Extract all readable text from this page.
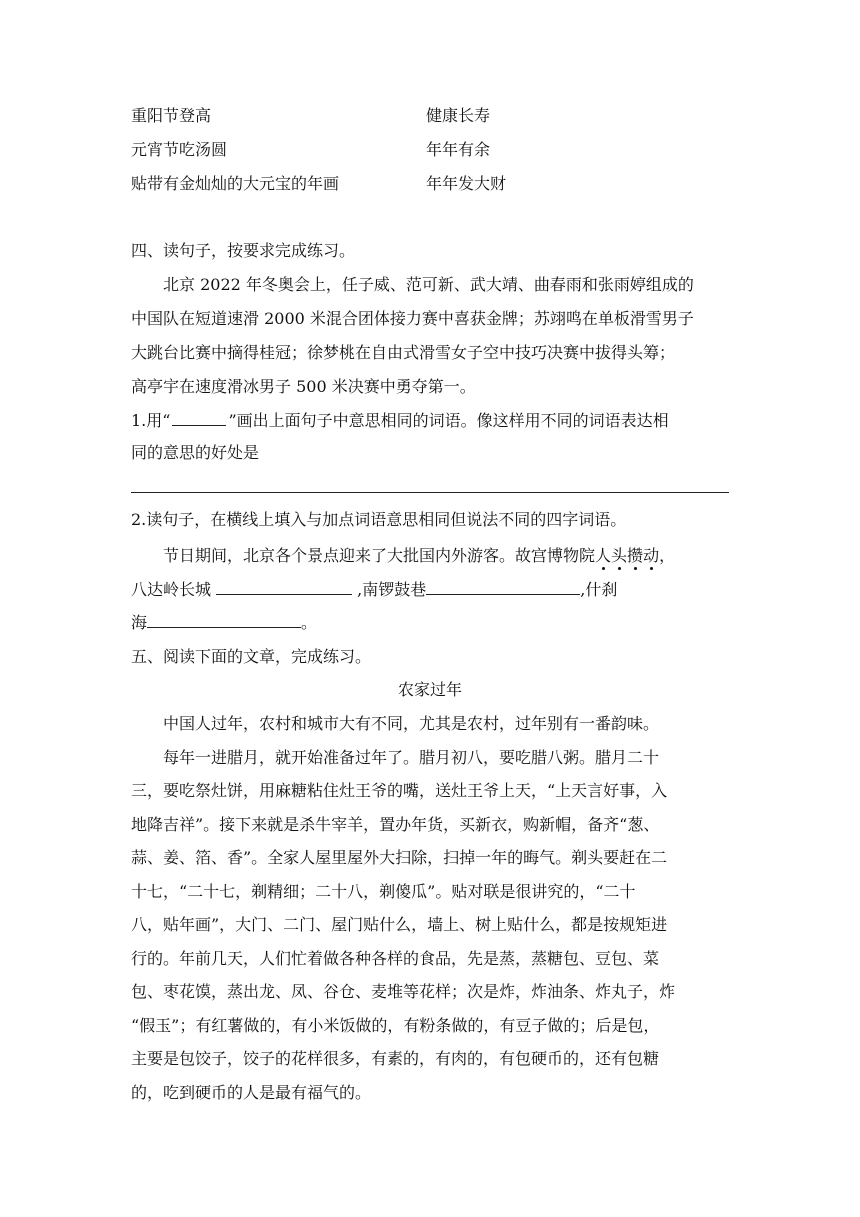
重阳节登高	健康长寿
元宵节吃汤圆	年年有余
贴带有金灿灿的大元宝的年画	年年发大财
四、读句子，按要求完成练习。
北京 2022 年冬奥会上，任子威、范可新、武大靖、曲春雨和张雨婷组成的
中国队在短道速滑 2000 米混合团体接力赛中喜获金牌；苏翊鸣在单板滑雪男子
大跳台比赛中摘得桂冠；徐梦桃在自由式滑雪女子空中技巧决赛中拔得头筹；
高亭宇在速度滑冰男子 500 米决赛中勇夺第一。
1.用“	”画出上面句子中意思相同的词语。像这样用不同的词语表达相
同的意思的好处是
2.读句子，在横线上填入与加点词语意思相同但说法不同的四字词语。
节日期间，北京各个景点迎来了大批国内外游客。故宫博物院人头攒动，
八达岭长城	,南锣鼓巷	,什刹
海	。
五、阅读下面的文章，完成练习。
农家过年
中国人过年，农村和城市大有不同，尤其是农村，过年别有一番韵味。
每年一进腊月，就开始准备过年了。腊月初八，要吃腊八粥。腊月二十
三，要吃祭灶饼，用麻糖粘住灶王爷的嘴，送灶王爷上天，“上天言好事，入
地降吉祥”。接下来就是杀牛宰羊，置办年货，买新衣，购新帽，备齐“葱、
蒜、姜、箔、香”。全家人屋里屋外大扫除，扫掉一年的晦气。剃头要赶在二
十七，“二十七，剃精细；二十八，剃傻瓜”。贴对联是很讲究的，“二十
八，贴年画”，大门、二门、屋门贴什么，墙上、树上贴什么，都是按规矩进
行的。年前几天，人们忙着做各种各样的食品，先是蒸，蒸糖包、豆包、菜
包、枣花馍，蒸出龙、凤、谷仓、麦堆等花样；次是炸，炸油条、炸丸子，炸
“假玉”；有红薯做的，有小米饭做的，有粉条做的，有豆子做的；后是包，
主要是包饺子，饺子的花样很多，有素的，有肉的，有包硬币的，还有包糖
的，吃到硬币的人是最有福气的。
